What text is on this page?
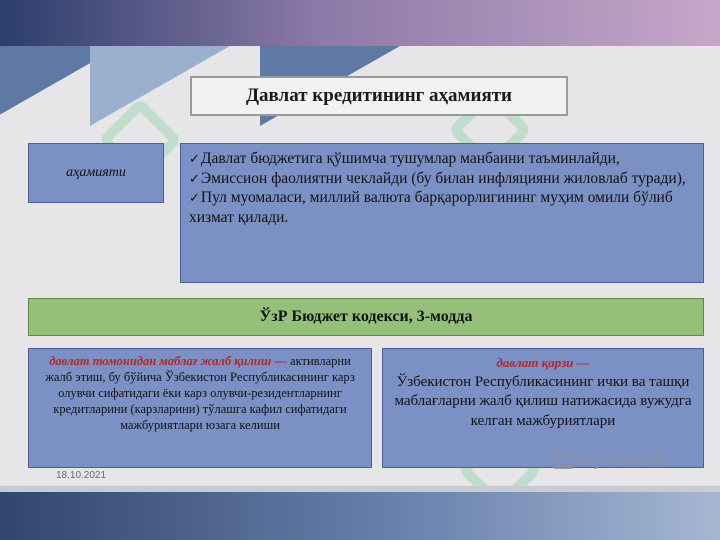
Давлат кредитининг аҳамияти
аҳамияти
✓ Давлат бюджетига қўшимча тушумлар манбаини таъминлайди,
✓ Эмиссион фаолиятни чеклайди (бу билан инфляцияни жиловлаб туради),
✓ Пул муомаласи, миллий валюта барқарорлигининг муҳим омили бўлиб хизмат қилади.
ЎзР Бюджет кодекси, 3-модда
давлат томонидан маблағ жалб қилиш — активларни жалб этиш, бу бўйича Ўзбекистон Республикасининг карз олувчи сифатидаги ёки карз олувчи-резидентларнинг кредитларини (карзларини) тўлашга кафил сифатидаги мажбуриятлари юзага келиши
давлат қарзи —
Ўзбекистон Республикасининг ички ва ташқи маблағларни жалб қилиш натижасида вужудга келган мажбуриятлари
18.10.2021
MyShared
